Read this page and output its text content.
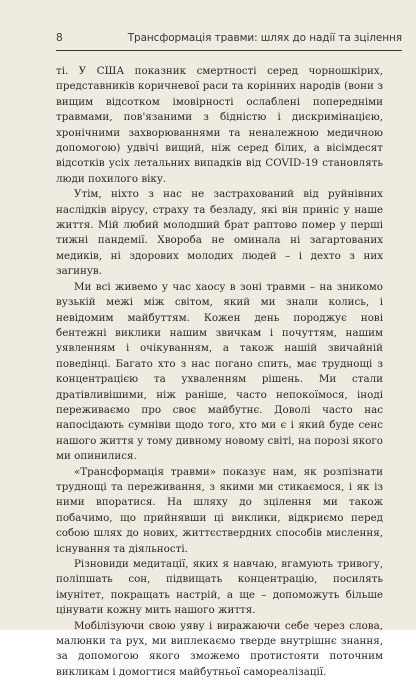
8	Трансформація травми: шлях до надії та зцілення

ті. У США показник смертності серед чорношкірих, представників коричневої раси та корінних народів (вони з вищим відсотком імовірності ослаблені попередніми травмами, пов'язаними з бідністю і дискримінацією, хронічними захворюваннями та неналежною медичною допомогою) удвічі вищий, ніж серед білих, а вісімдесят відсотків усіх летальних випадків від COVID-19 становлять люди похилого віку.

Утім, ніхто з нас не застрахований від руйнівних наслідків вірусу, страху та безладу, які він приніс у наше життя. Мій любий молодший брат раптово помер у перші тижні пандемії. Хвороба не оминала ні загартованих медиків, ні здорових молодих людей – і дехто з них загинув.

Ми всі живемо у час хаосу в зоні травми – на зникомо вузькій межі між світом, який ми знали колись, і невідомим майбуттям. Кожен день породжує нові бентежні виклики нашим звичкам і почуттям, нашим уявленням і очікуванням, а також нашій звичайній поведінці. Багато хто з нас погано спить, має труднощі з концентрацією та ухваленням рішень. Ми стали дратівливішими, ніж раніше, часто непокоїмося, іноді переживаємо про своє майбутнє. Доволі часто нас напосідають сумніви щодо того, хто ми є і який буде сенс нашого життя у тому дивному новому світі, на порозі якого ми опинилися.

«Трансформація травми» показує нам, як розпізнати труднощі та переживання, з якими ми стикаємося, і як із ними впоратися. На шляху до зцілення ми також побачимо, що прийнявши ці виклики, відкриємо перед собою шлях до нових, життєствердних способів мислення, існування та діяльності.

Різновиди медитації, яких я навчаю, вгамують тривогу, поліпшать сон, підвищать концентрацію, посилять імунітет, покращать настрій, а ще – допоможуть більше цінувати кожну мить нашого життя.

Мобілізуючи свою уяву і виражаючи себе через слова, малюнки та рух, ми виплекаємо тверде внутрішнє знання, за допомогою якого зможемо протистояти поточним викликам і домогтися майбутньої самореалізації.
